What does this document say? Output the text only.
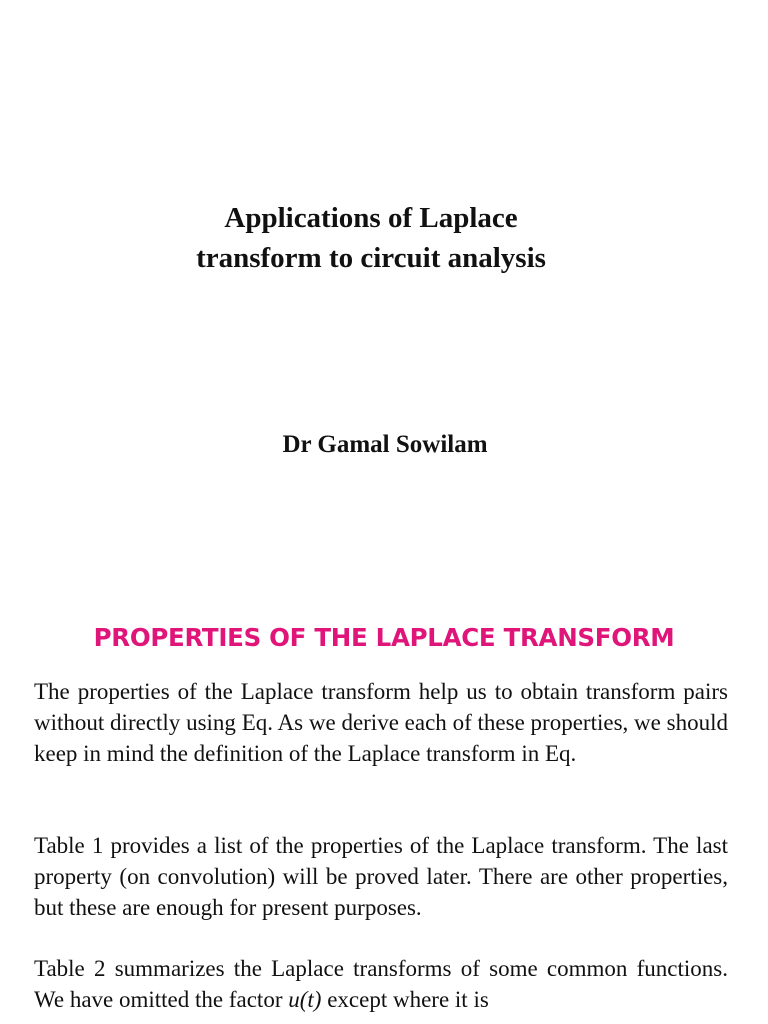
Applications of Laplace
transform to circuit analysis

Dr Gamal Sowilam

PROPERTIES OF THE LAPLACE TRANSFORM

The properties of the Laplace transform help us to obtain transform pairs without directly using Eq. As we derive each of these properties, we should keep in mind the definition of the Laplace transform in Eq.

Table 1 provides a list of the properties of the Laplace transform. The last property (on convolution) will be proved later. There are other properties, but these are enough for present purposes.

Table 2 summarizes the Laplace transforms of some common functions. We have omitted the factor u(t) except where it is
